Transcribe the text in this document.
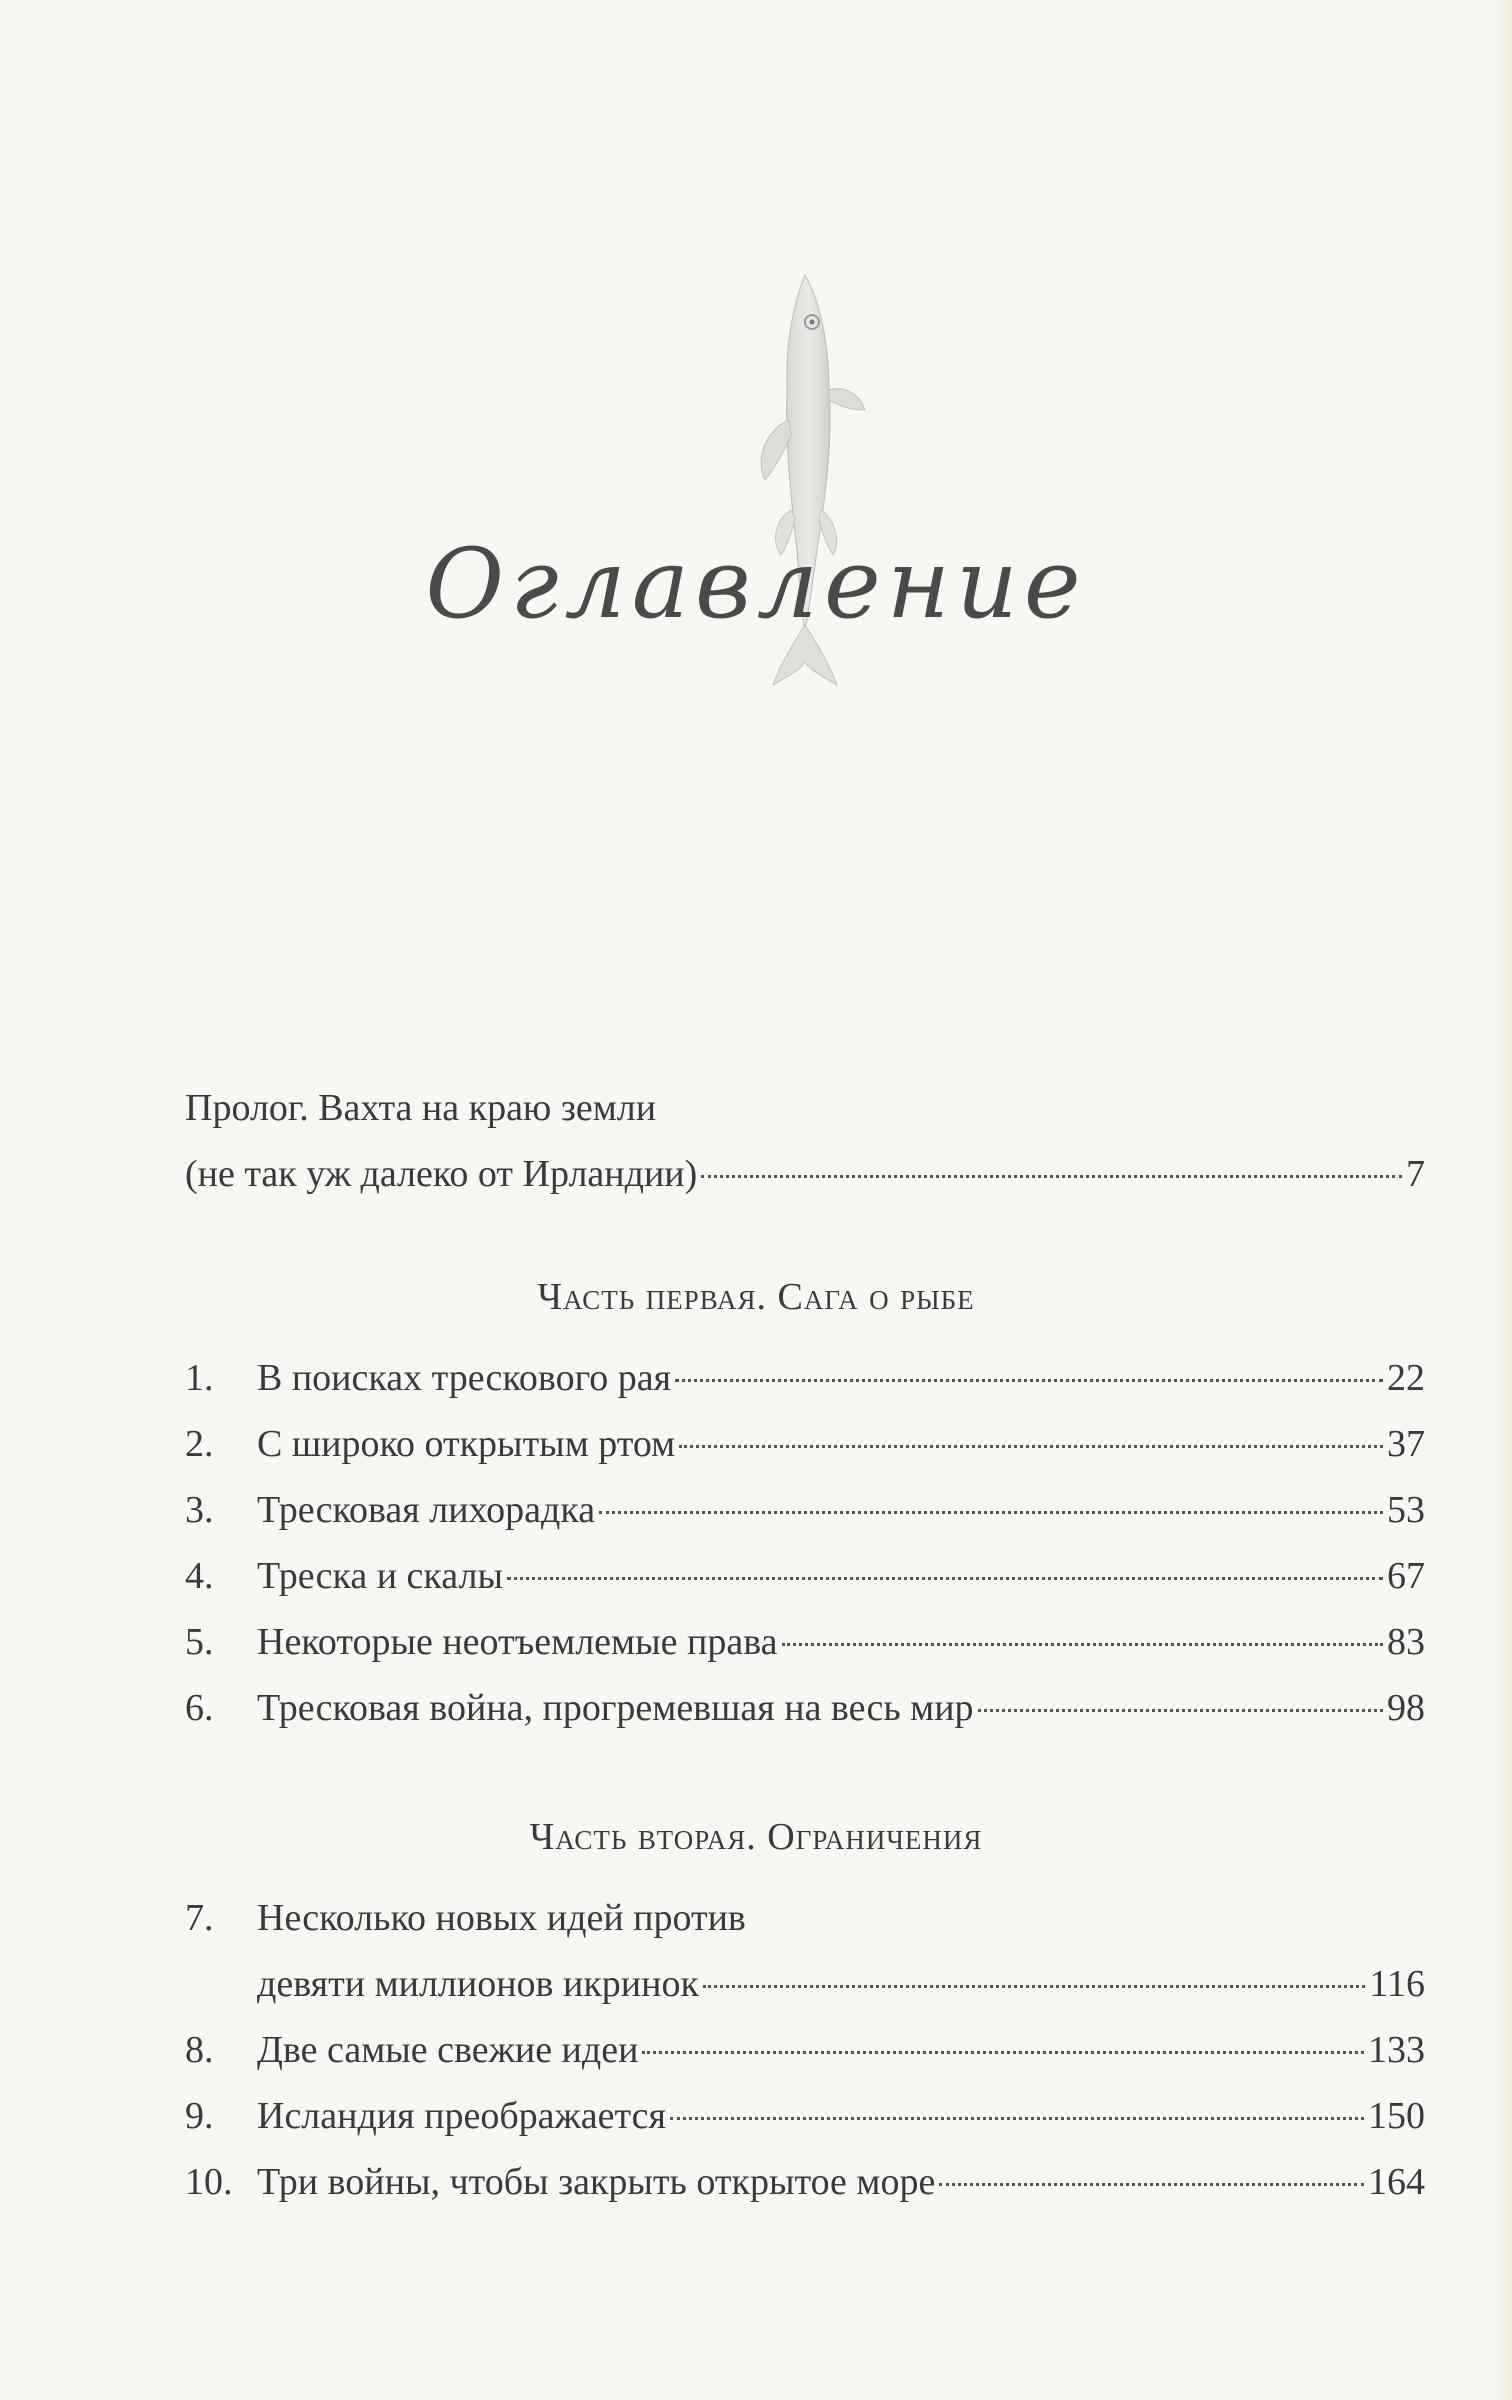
Оглавление
Пролог. Вахта на краю земли
(не так уж далеко от Ирландии)	7
Часть первая. Сага о рыбе
1.	В поисках трескового рая	22
2.	С широко открытым ртом	37
3.	Тресковая лихорадка	53
4.	Треска и скалы	67
5.	Некоторые неотъемлемые права	83
6.	Тресковая война, прогремевшая на весь мир	98
Часть вторая. Ограничения
7.	Несколько новых идей против
девяти миллионов икринок	116
8.	Две самые свежие идеи	133
9.	Исландия преображается	150
10. Три войны, чтобы закрыть открытое море	164
